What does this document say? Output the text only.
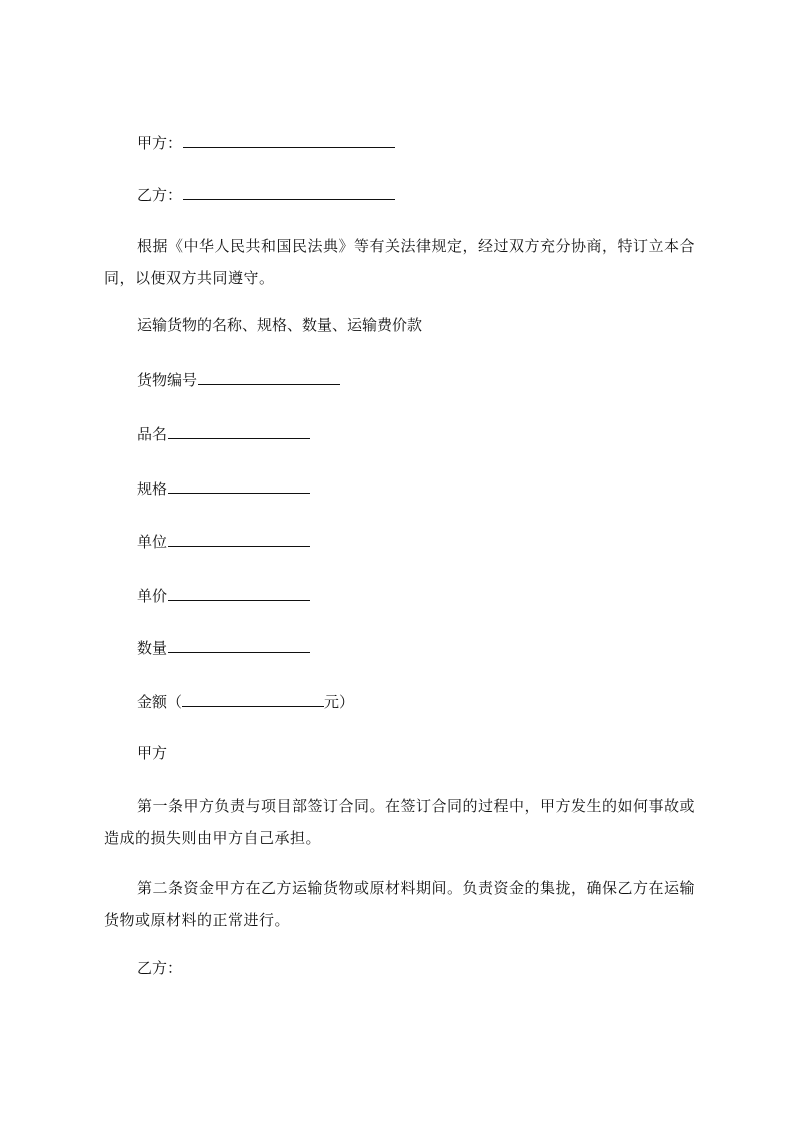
甲方：
乙方：
根据《中华人民共和国民法典》等有关法律规定，经过双方充分协商，特订立本合同，以便双方共同遵守。
运输货物的名称、规格、数量、运输费价款
货物编号
品名
规格
单位
单价
数量
金额（	元）
甲方
第一条甲方负责与项目部签订合同。在签订合同的过程中，甲方发生的如何事故或造成的损失则由甲方自己承担。
第二条资金甲方在乙方运输货物或原材料期间。负责资金的集拢，确保乙方在运输货物或原材料的正常进行。
乙方：
